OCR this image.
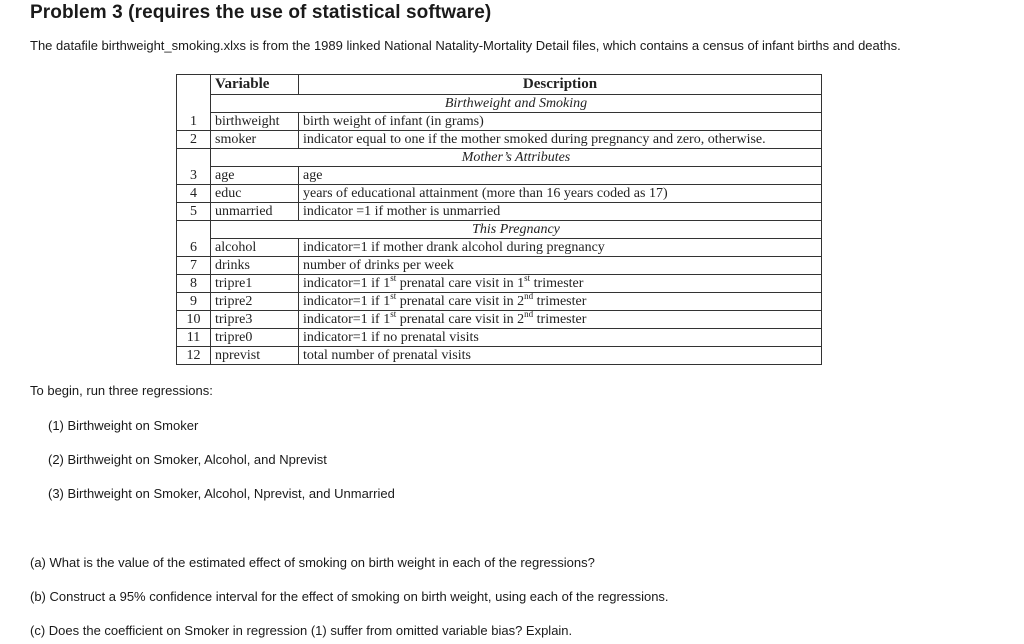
Problem 3 (requires the use of statistical software)
The datafile birthweight_smoking.xlxs is from the 1989 linked National Natality-Mortality Detail files, which contains a census of infant births and deaths.
	Variable	Description
	Birthweight and Smoking	
1	birthweight	birth weight of infant (in grams)
2	smoker	indicator equal to one if the mother smoked during pregnancy and zero, otherwise.
	Mother’s Attributes	
3	age	age
4	educ	years of educational attainment (more than 16 years coded as 17)
5	unmarried	indicator =1 if mother is unmarried
	This Pregnancy	
6	alcohol	indicator=1 if mother drank alcohol during pregnancy
7	drinks	number of drinks per week
8	tripre1	indicator=1 if 1st prenatal care visit in 1st trimester
9	tripre2	indicator=1 if 1st prenatal care visit in 2nd trimester
10	tripre3	indicator=1 if 1st prenatal care visit in 2nd trimester
11	tripre0	indicator=1 if no prenatal visits
12	nprevist	total number of prenatal visits

To begin, run three regressions:

(1) Birthweight on Smoker

(2) Birthweight on Smoker, Alcohol, and Nprevist

(3) Birthweight on Smoker, Alcohol, Nprevist, and Unmarried

(a) What is the value of the estimated effect of smoking on birth weight in each of the regressions?

(b) Construct a 95% confidence interval for the effect of smoking on birth weight, using each of the regressions.

(c) Does the coefficient on Smoker in regression (1) suffer from omitted variable bias? Explain.
